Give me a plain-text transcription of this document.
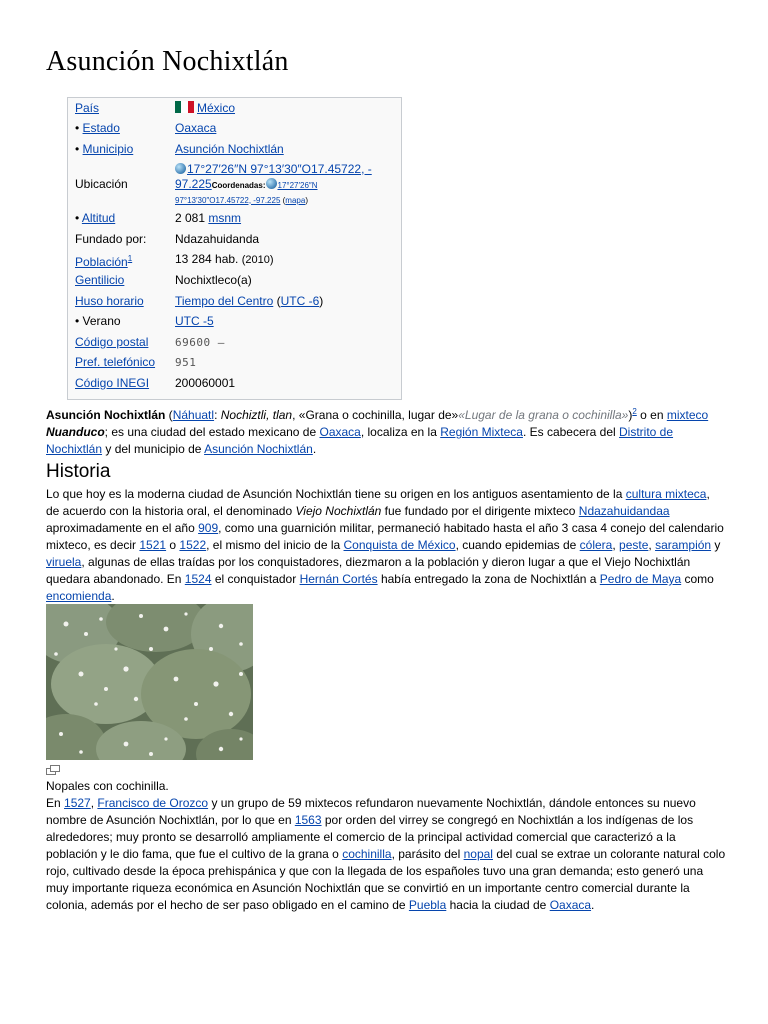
Asunción Nochixtlán
País	México
• Estado	Oaxaca
• Municipio	Asunción Nochixtlán
Ubicación	17°27′26″N 97°13′30″O17.45722, -
97.225Coordenadas: 17°27′26″N
97°13′30″O17.45722, -97.225 (mapa)
• Altitud	2 081 msnm
Fundado por:	Ndazahuidanda
Población$^1$	13 284 hab. (2010)
Gentilicio	Nochixtleco(a)
Huso horario	Tiempo del Centro (UTC -6)
• Verano	UTC -5
Código postal	69600 –
Pref. telefónico	951
Código INEGI	200060001

Asunción Nochixtlán (Náhuatl: Nochiztli, tlan, «Grana o cochinilla, lugar de»«Lugar de la grana o cochinilla»)$^2$ o en mixteco Nuanduco; es una ciudad del estado mexicano de Oaxaca, localiza en la Región Mixteca. Es cabecera del Distrito de Nochixtlán y del municipio de Asunción Nochixtlán.

Historia

Lo que hoy es la moderna ciudad de Asunción Nochixtlán tiene su origen en los antiguos asentamiento de la cultura mixteca, de acuerdo con la historia oral, el denominado Viejo Nochixtlán fue fundado por el dirigente mixteco Ndazahuidandaa aproximadamente en el año 909, como una guarnición militar, permaneció habitado hasta el año 3 casa 4 conejo del calendario mixteco, es decir 1521 o 1522, el mismo del inicio de la Conquista de México, cuando epidemias de cólera, peste, sarampión y viruela, algunas de ellas traídas por los conquistadores, diezmaron a la población y dieron lugar a que el Viejo Nochixtlán quedara abandonado. En 1524 el conquistador Hernán Cortés había entregado la zona de Nochixtlán a Pedro de Maya como encomienda.

Nopales con cochinilla.

En 1527, Francisco de Orozco y un grupo de 59 mixtecos refundaron nuevamente Nochixtlán, dándole entonces su nuevo nombre de Asunción Nochixtlán, por lo que en 1563 por orden del virrey se congregó en Nochixtlán a los indígenas de los alrededores; muy pronto se desarrolló ampliamente el comercio de la principal actividad comercial que caracterizó a la población y le dio fama, que fue el cultivo de la grana o cochinilla, parásito del nopal del cual se extrae un colorante natural colo rojo, cultivado desde la época prehispánica y que con la llegada de los españoles tuvo una gran demanda; esto generó una muy importante riqueza económica en Asunción Nochixtlán que se convirtió en un importante centro comercial durante la colonia, además por el hecho de ser paso obligado en el camino de Puebla hacia la ciudad de Oaxaca.
